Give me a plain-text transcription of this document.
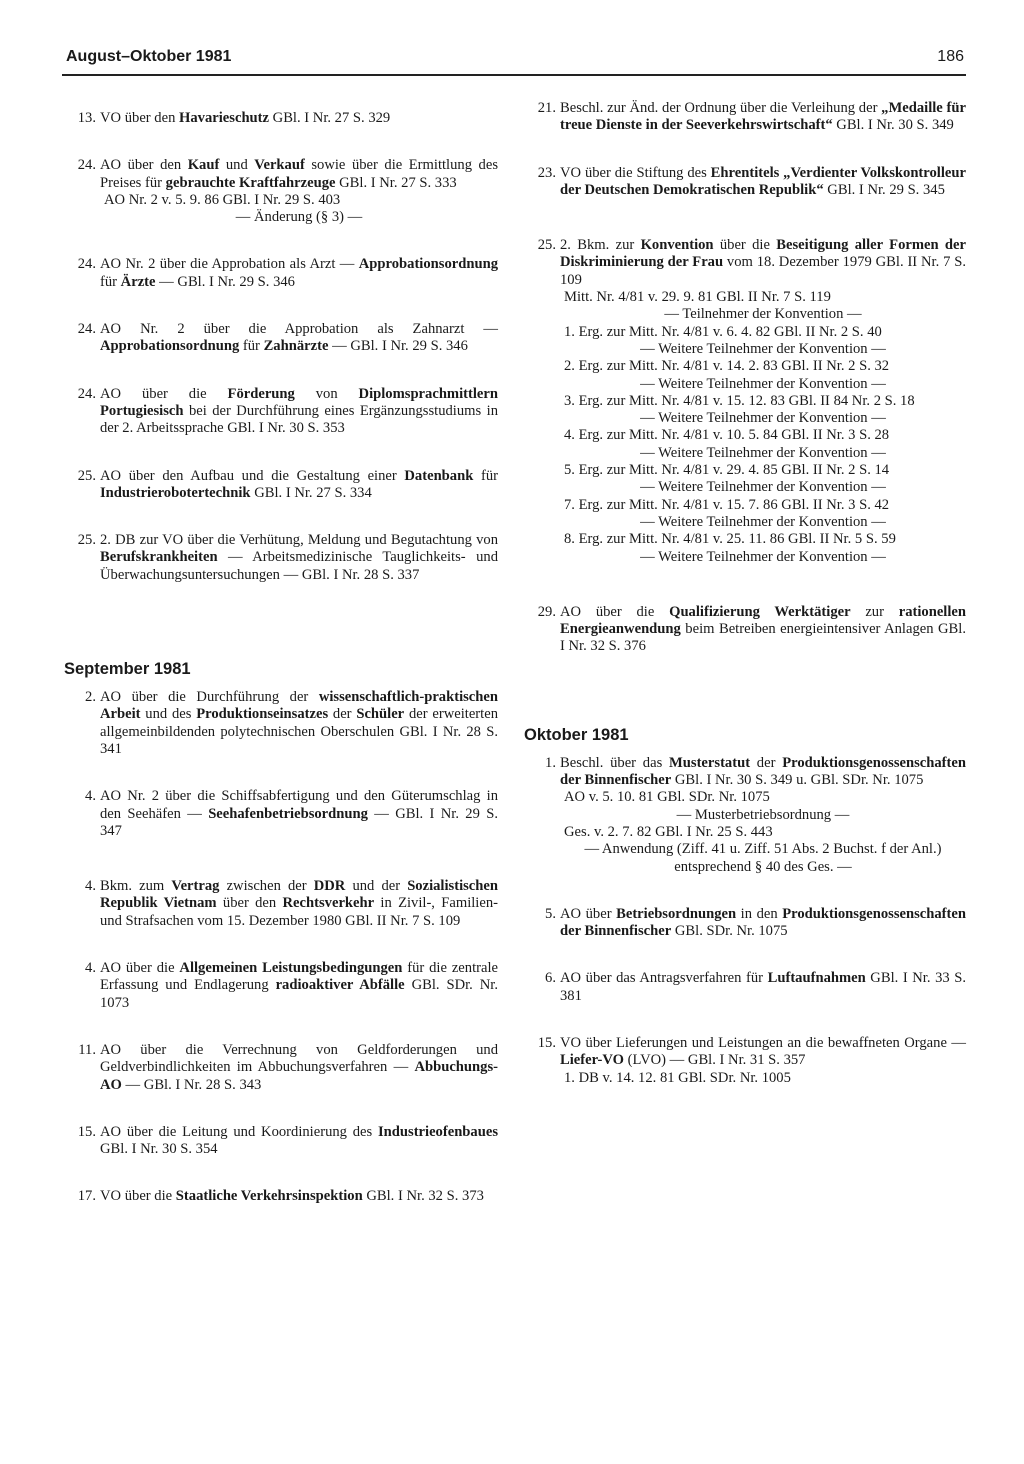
August–Oktober 1981	186
13. VO über den Havarieschutz GBl. I Nr. 27 S. 329

24. AO über den Kauf und Verkauf sowie über die Ermittlung des Preises für gebrauchte Kraftfahrzeuge GBl. I Nr. 27 S. 333

AO Nr. 2 v. 5. 9. 86 GBl. I Nr. 29 S. 403

— Änderung (§ 3) —

24. AO Nr. 2 über die Approbation als Arzt — Approbationsordnung für Ärzte — GBl. I Nr. 29 S. 346

24. AO Nr. 2 über die Approbation als Zahnarzt — Approbationsordnung für Zahnärzte — GBl. I Nr. 29 S. 346

24. AO über die Förderung von Diplomsprachmittlern Portugiesisch bei der Durchführung eines Ergänzungsstudiums in der 2. Arbeitssprache GBl. I Nr. 30 S. 353

25. AO über den Aufbau und die Gestaltung einer Datenbank für Industrierobotertechnik GBl. I Nr. 27 S. 334

25. 2. DB zur VO über die Verhütung, Meldung und Begutachtung von Berufskrankheiten — Arbeitsmedizinische Tauglichkeits- und Überwachungsuntersuchungen — GBl. I Nr. 28 S. 337

September 1981
2. AO über die Durchführung der wissenschaftlich-praktischen Arbeit und des Produktionseinsatzes der Schüler der erweiterten allgemeinbildenden polytechnischen Oberschulen GBl. I Nr. 28 S. 341

4. AO Nr. 2 über die Schiffsabfertigung und den Güterumschlag in den Seehäfen — Seehafenbetriebsordnung — GBl. I Nr. 29 S. 347

4. Bkm. zum Vertrag zwischen der DDR und der Sozialistischen Republik Vietnam über den Rechtsverkehr in Zivil-, Familien- und Strafsachen vom 15. Dezember 1980 GBl. II Nr. 7 S. 109

4. AO über die Allgemeinen Leistungsbedingungen für die zentrale Erfassung und Endlagerung radioaktiver Abfälle GBl. SDr. Nr. 1073

11. AO über die Verrechnung von Geldforderungen und Geldverbindlichkeiten im Abbuchungsverfahren — Abbuchungs-AO — GBl. I Nr. 28 S. 343

15. AO über die Leitung und Koordinierung des Industrieofenbaues GBl. I Nr. 30 S. 354

17. VO über die Staatliche Verkehrsinspektion GBl. I Nr. 32 S. 373

21. Beschl. zur Änd. der Ordnung über die Verleihung der „Medaille für treue Dienste in der Seeverkehrswirtschaft“ GBl. I Nr. 30 S. 349

23. VO über die Stiftung des Ehrentitels „Verdienter Volkskontrolleur der Deutschen Demokratischen Republik“ GBl. I Nr. 29 S. 345

25. 2. Bkm. zur Konvention über die Beseitigung aller Formen der Diskriminierung der Frau vom 18. Dezember 1979 GBl. II Nr. 7 S. 109

Mitt. Nr. 4/81 v. 29. 9. 81 GBl. II Nr. 7 S. 119

— Teilnehmer der Konvention —

1. Erg. zur Mitt. Nr. 4/81 v. 6. 4. 82 GBl. II Nr. 2 S. 40

— Weitere Teilnehmer der Konvention —

2. Erg. zur Mitt. Nr. 4/81 v. 14. 2. 83 GBl. II Nr. 2 S. 32

— Weitere Teilnehmer der Konvention —

3. Erg. zur Mitt. Nr. 4/81 v. 15. 12. 83 GBl. II 84 Nr. 2 S. 18

— Weitere Teilnehmer der Konvention —

4. Erg. zur Mitt. Nr. 4/81 v. 10. 5. 84 GBl. II Nr. 3 S. 28

— Weitere Teilnehmer der Konvention —

5. Erg. zur Mitt. Nr. 4/81 v. 29. 4. 85 GBl. II Nr. 2 S. 14

— Weitere Teilnehmer der Konvention —

7. Erg. zur Mitt. Nr. 4/81 v. 15. 7. 86 GBl. II Nr. 3 S. 42

— Weitere Teilnehmer der Konvention —

8. Erg. zur Mitt. Nr. 4/81 v. 25. 11. 86 GBl. II Nr. 5 S. 59

— Weitere Teilnehmer der Konvention —

29. AO über die Qualifizierung Werktätiger zur rationellen Energieanwendung beim Betreiben energieintensiver Anlagen GBl. I Nr. 32 S. 376

Oktober 1981
1. Beschl. über das Musterstatut der Produktionsgenossenschaften der Binnenfischer GBl. I Nr. 30 S. 349 u. GBl. SDr. Nr. 1075

AO v. 5. 10. 81 GBl. SDr. Nr. 1075

— Musterbetriebsordnung —

Ges. v. 2. 7. 82 GBl. I Nr. 25 S. 443

— Anwendung (Ziff. 41 u. Ziff. 51 Abs. 2 Buchst. f der Anl.) entsprechend § 40 des Ges. —

5. AO über Betriebsordnungen in den Produktionsgenossenschaften der Binnenfischer GBl. SDr. Nr. 1075

6. AO über das Antragsverfahren für Luftaufnahmen GBl. I Nr. 33 S. 381

15. VO über Lieferungen und Leistungen an die bewaffneten Organe — Liefer-VO (LVO) — GBl. I Nr. 31 S. 357

1. DB v. 14. 12. 81 GBl. SDr. Nr. 1005
